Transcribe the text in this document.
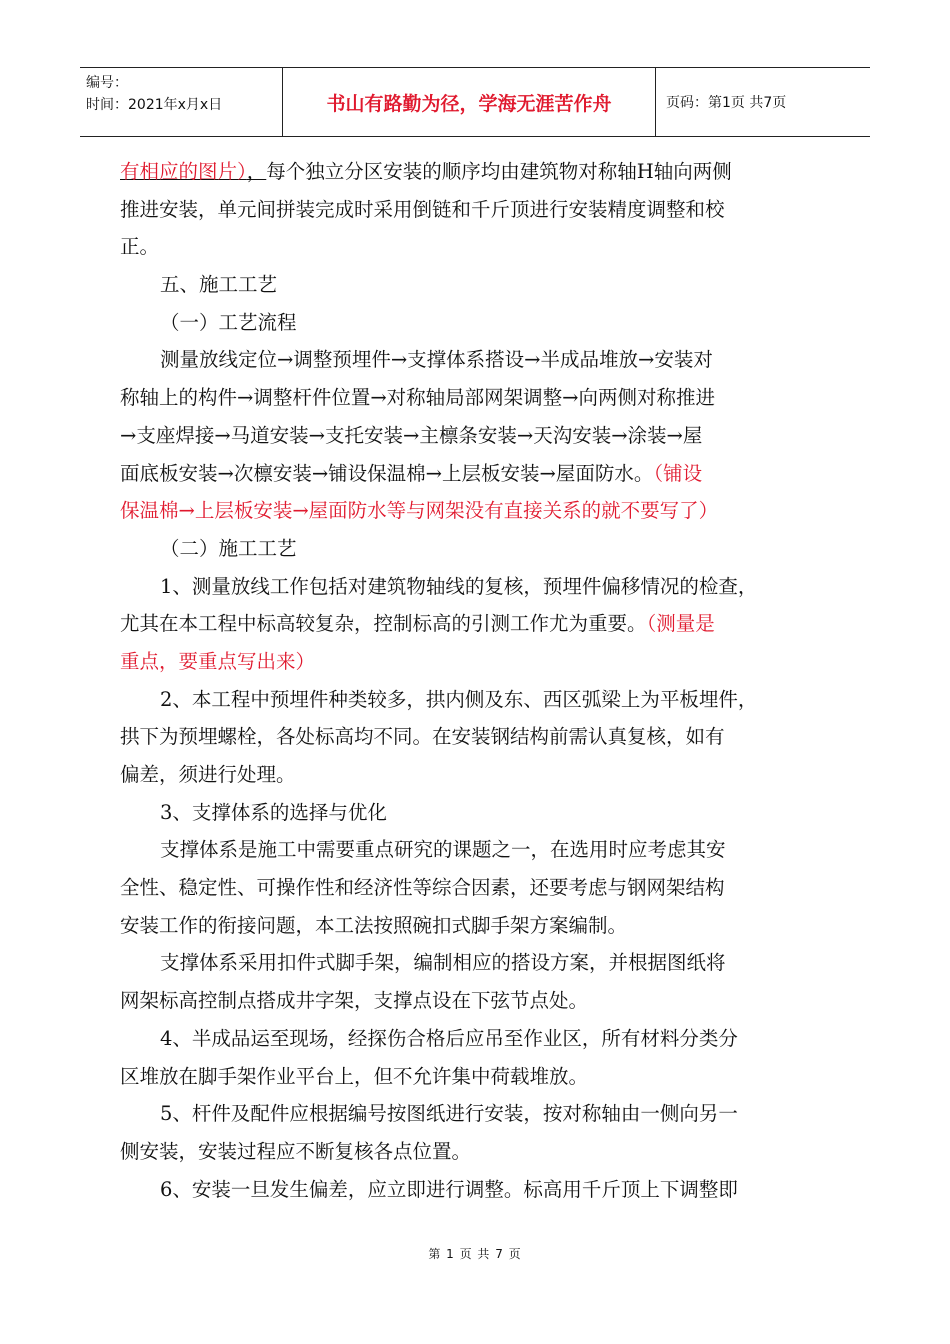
编号：
时间：2021年x月x日	书山有路勤为径，学海无涯苦作舟	页码：第1页 共7页
有相应的图片），每个独立分区安装的顺序均由建筑物对称轴H轴向两侧
推进安装，单元间拼装完成时采用倒链和千斤顶进行安装精度调整和校
正。
五、施工工艺
（一）工艺流程
测量放线定位→调整预埋件→支撑体系搭设→半成品堆放→安装对
称轴上的构件→调整杆件位置→对称轴局部网架调整→向两侧对称推进
→支座焊接→马道安装→支托安装→主檩条安装→天沟安装→涂装→屋
面底板安装→次檩安装→铺设保温棉→上层板安装→屋面防水。（铺设
保温棉→上层板安装→屋面防水等与网架没有直接关系的就不要写了）
（二）施工工艺
1、测量放线工作包括对建筑物轴线的复核，预埋件偏移情况的检查，
尤其在本工程中标高较复杂，控制标高的引测工作尤为重要。（测量是
重点，要重点写出来）
2、本工程中预埋件种类较多，拱内侧及东、西区弧梁上为平板埋件，
拱下为预埋螺栓，各处标高均不同。在安装钢结构前需认真复核，如有
偏差，须进行处理。
3、支撑体系的选择与优化
支撑体系是施工中需要重点研究的课题之一，在选用时应考虑其安
全性、稳定性、可操作性和经济性等综合因素，还要考虑与钢网架结构
安装工作的衔接问题，本工法按照碗扣式脚手架方案编制。
支撑体系采用扣件式脚手架，编制相应的搭设方案，并根据图纸将
网架标高控制点搭成井字架，支撑点设在下弦节点处。
4、半成品运至现场，经探伤合格后应吊至作业区，所有材料分类分
区堆放在脚手架作业平台上，但不允许集中荷载堆放。
5、杆件及配件应根据编号按图纸进行安装，按对称轴由一侧向另一
侧安装，安装过程应不断复核各点位置。
6、安装一旦发生偏差，应立即进行调整。标高用千斤顶上下调整即
第 1 页 共 7 页
